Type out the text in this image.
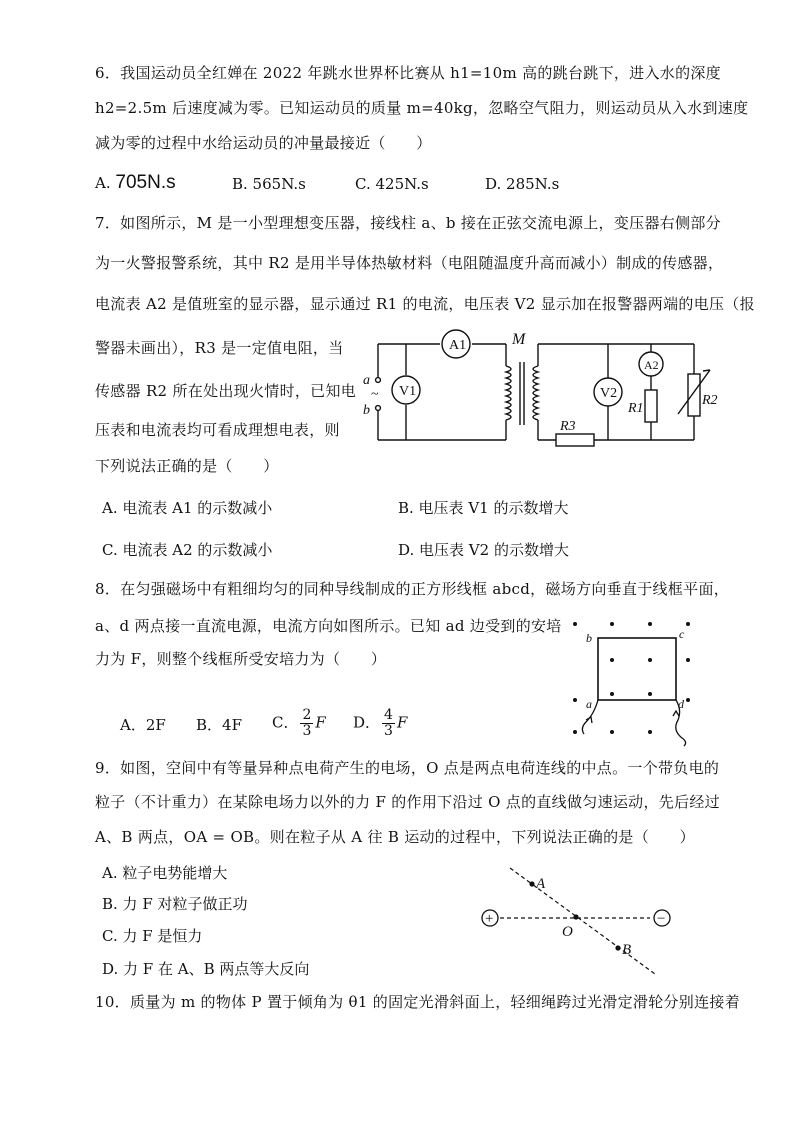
6．我国运动员全红婵在 2022 年跳水世界杯比赛从 h1=10m 高的跳台跳下，进入水的深度
h2=2.5m 后速度减为零。已知运动员的质量 m=40kg，忽略空气阻力，则运动员从入水到速度
减为零的过程中水给运动员的冲量最接近（　　）
A. 705N.s	B. 565N.s	C. 425N.s	D. 285N.s
7．如图所示，M 是一小型理想变压器，接线柱 a、b 接在正弦交流电源上，变压器右侧部分
为一火警报警系统，其中 R2 是用半导体热敏材料（电阻随温度升高而减小）制成的传感器，
电流表 A2 是值班室的显示器，显示通过 R1 的电流，电压表 V2 显示加在报警器两端的电压（报
警器未画出），R3 是一定值电阻，当
传感器 R2 所在处出现火情时，已知电
压表和电流表均可看成理想电表，则
下列说法正确的是（　　）
A1
V1	V2
A2
M
a
b
~
R3
R1
R2
A. 电流表 A1 的示数减小	B. 电压表 V1 的示数增大
C. 电流表 A2 的示数减小	D. 电压表 V2 的示数增大
8．在匀强磁场中有粗细均匀的同种导线制成的正方形线框 abcd，磁场方向垂直于线框平面，
a、d 两点接一直流电源，电流方向如图所示。已知 ad 边受到的安培
力为 F，则整个线框所受安培力为（　　）
A．2F B．4F C． $\frac{2}{3}$ F D． $\frac{4}{3}$ F
b	c
a	d
9．如图，空间中有等量异种点电荷产生的电场，O 点是两点电荷连线的中点。一个带负电的
粒子（不计重力）在某除电场力以外的力 F 的作用下沿过 O 点的直线做匀速运动，先后经过
A、B 两点，OA = OB。则在粒子从 A 往 B 运动的过程中，下列说法正确的是（　　）
A. 粒子电势能增大
B. 力 F 对粒子做正功
C. 力 F 是恒力
D. 力 F 在 A、B 两点等大反向
+	−
A
O
B
10．质量为 m 的物体 P 置于倾角为 θ1 的固定光滑斜面上，轻细绳跨过光滑定滑轮分别连接着
